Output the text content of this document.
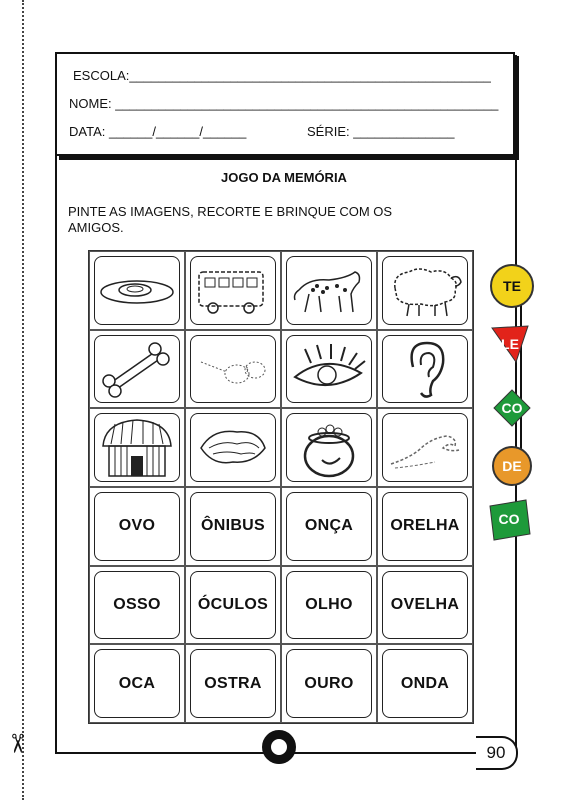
✂
ESCOLA:__________________________________________________
NOME: _____________________________________________________
DATA: ______/______/______	SÉRIE: ______________
JOGO DA MEMÓRIA
PINTE AS IMAGENS, RECORTE E BRINQUE COM OS AMIGOS.
OVO	ÔNIBUS ONÇA ORELHA
OSSO ÓCULOS OLHO OVELHA
OCA	OSTRA	OURO	ONDA
TE
LE
CO
DE
CO
90
